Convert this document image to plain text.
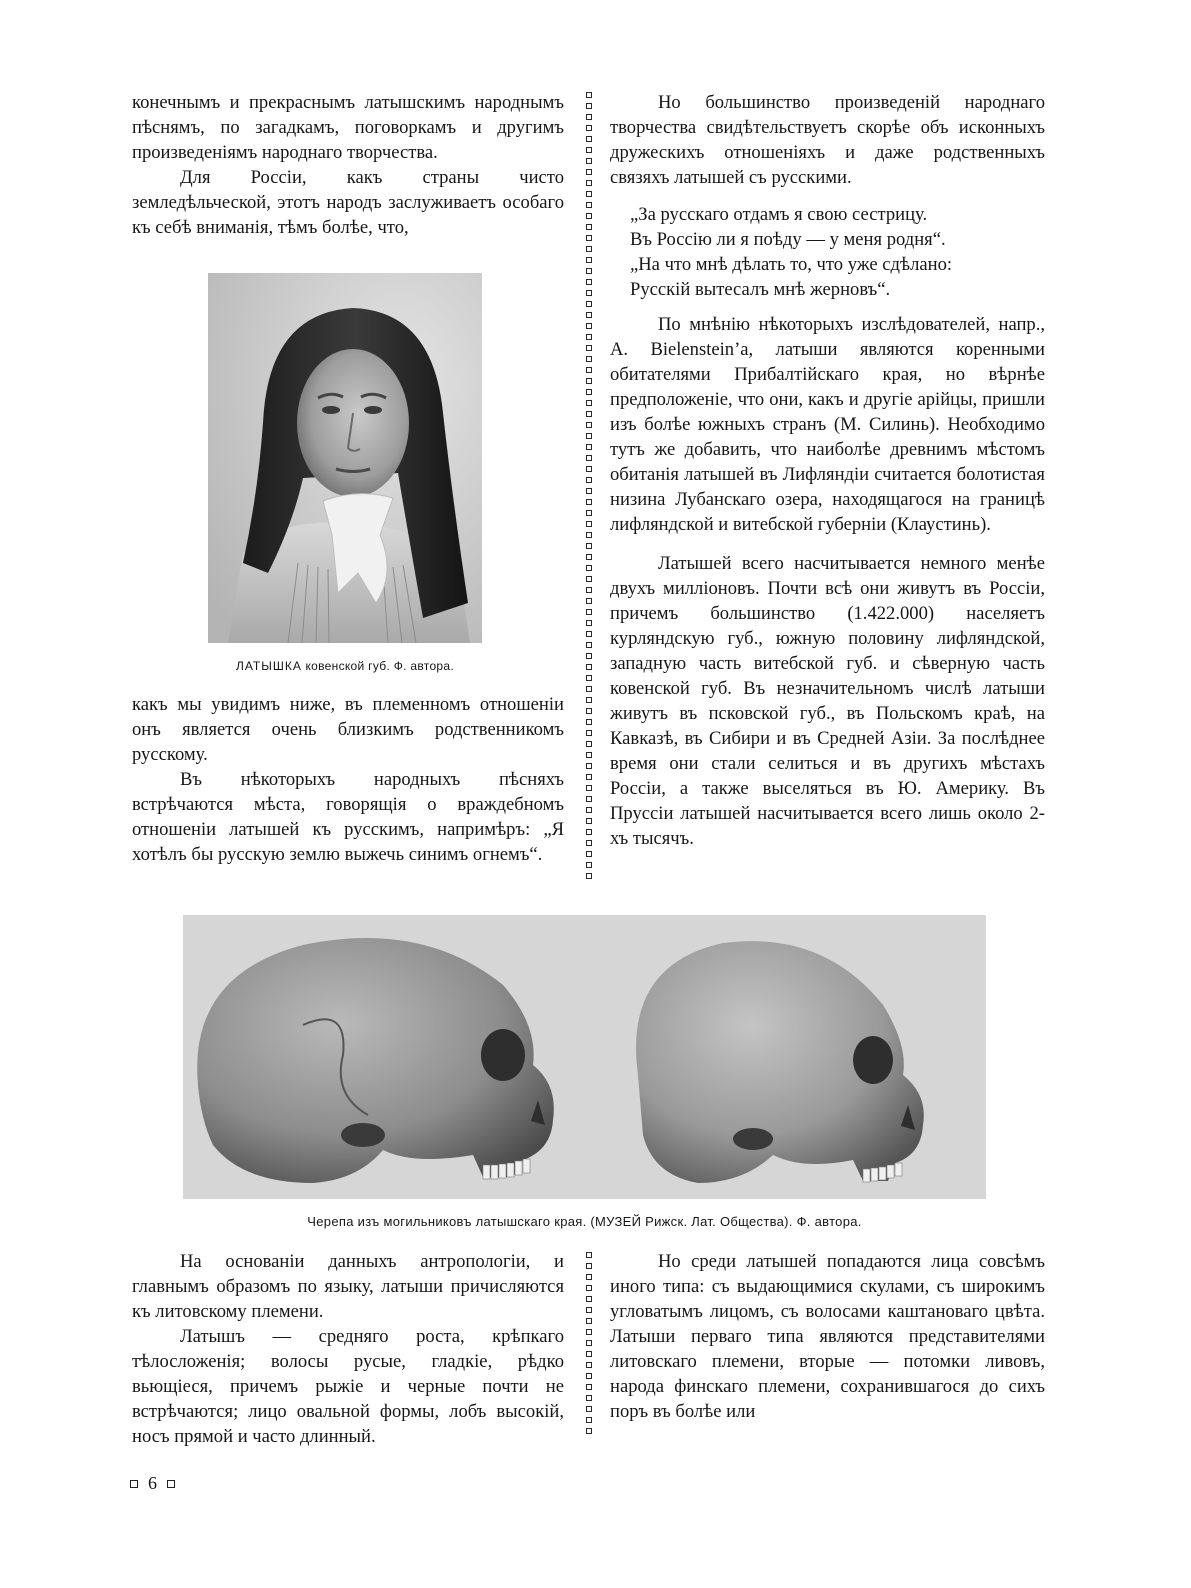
конечнымъ и прекраснымъ латышскимъ народнымъ пѣснямъ, по загадкамъ, поговоркамъ и другимъ произведеніямъ народнаго творчества.

Для Россіи, какъ страны чисто земледѣльческой, этотъ народъ заслуживаетъ особаго къ себѣ вниманія, тѣмъ болѣе, что,

ЛАТЫШКА ковенской губ. Ф. автора.

какъ мы увидимъ ниже, въ племенномъ отношеніи онъ является очень близкимъ родственникомъ русскому.

Въ нѣкоторыхъ народныхъ пѣсняхъ встрѣчаются мѣста, говорящія о враждебномъ отношеніи латышей къ русскимъ, напримѣръ: „Я хотѣлъ бы русскую землю выжечь синимъ огнемъ“.

Но большинство произведеній народнаго творчества свидѣтельствуетъ скорѣе объ исконныхъ дружескихъ отношеніяхъ и даже родственныхъ связяхъ латышей съ русскими.

„За русскаго отдамъ я свою сестрицу.
Въ Россію ли я поѣду — у меня родня“.
„На что мнѣ дѣлать то, что уже сдѣлано:
Русскій вытесалъ мнѣ жерновъ“.

По мнѣнію нѣкоторыхъ изслѣдователей, напр., A. Bielenstein’a, латыши являются коренными обитателями Прибалтійскаго края, но вѣрнѣе предположеніе, что они, какъ и другіе арійцы, пришли изъ болѣе южныхъ странъ (М. Силинь). Необходимо тутъ же добавить, что наиболѣе древнимъ мѣстомъ обитанія латышей въ Лифляндіи считается болотистая низина Лубанскаго озера, находящагося на границѣ лифляндской и витебской губерніи (Клаустинь).

Латышей всего насчитывается немного менѣе двухъ милліоновъ. Почти всѣ они живутъ въ Россіи, причемъ большинство (1.422.000) населяетъ курляндскую губ., южную половину лифляндской, западную часть витебской губ. и сѣверную часть ковенской губ. Въ незначительномъ числѣ латыши живутъ въ псковской губ., въ Польскомъ краѣ, на Кавказѣ, въ Сибири и въ Средней Азіи. За послѣднее время они стали селиться и въ другихъ мѣстахъ Россіи, а также выселяться въ Ю. Америку. Въ Пруссіи латышей насчитывается всего лишь около 2-хъ тысячъ.

Черепа изъ могильниковъ латышскаго края. (МУЗЕЙ Рижск. Лат. Общества). Ф. автора.

На основаніи данныхъ антропологіи, и главнымъ образомъ по языку, латыши причисляются къ литовскому племени.

Латышъ — средняго роста, крѣпкаго тѣлосложенія; волосы русые, гладкіе, рѣдко вьющіеся, причемъ рыжіе и черные почти не встрѣчаются; лицо овальной формы, лобъ высокій, носъ прямой и часто длинный.

Но среди латышей попадаются лица совсѣмъ иного типа: съ выдающимися скулами, съ широкимъ угловатымъ лицомъ, съ волосами каштановаго цвѣта. Латыши перваго типа являются представителями литовскаго племени, вторые — потомки ливовъ, народа финскаго племени, сохранившагося до сихъ поръ въ болѣе или

6
